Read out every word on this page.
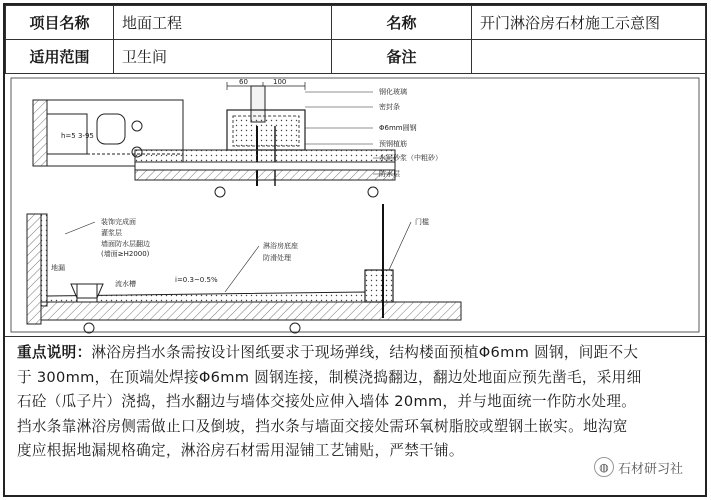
项目名称	地面工程	名称	开门淋浴房石材施工示意图
适用范围	卫生间	备注	
h=5 3-95
60	100
钢化玻璃
密封条
Φ6mm圆钢
预钢植筋
水泥砂浆（中粗砂）
防水层
装饰完成面
灌浆层
墙面防水层翻边
(墙面≥H2000)
淋浴房底座
防滑处理
门槛
流水槽	i=0.3~0.5%
地漏
重点说明：淋浴房挡水条需按设计图纸要求于现场弹线，结构楼面预植Φ6mm 圆钢，间距不大
于 300mm，在顶端处焊接Φ6mm 圆钢连接，制模浇捣翻边，翻边处地面应预先凿毛，采用细
石砼（瓜子片）浇捣，挡水翻边与墙体交接处应伸入墙体 20mm，并与地面统一作防水处理。
挡水条靠淋浴房侧需做止口及倒坡，挡水条与墙面交接处需环氧树脂胶或塑钢土嵌实。地沟宽
度应根据地漏规格确定，淋浴房石材需用湿铺工艺铺贴，严禁干铺。
◍ 石材研习社
